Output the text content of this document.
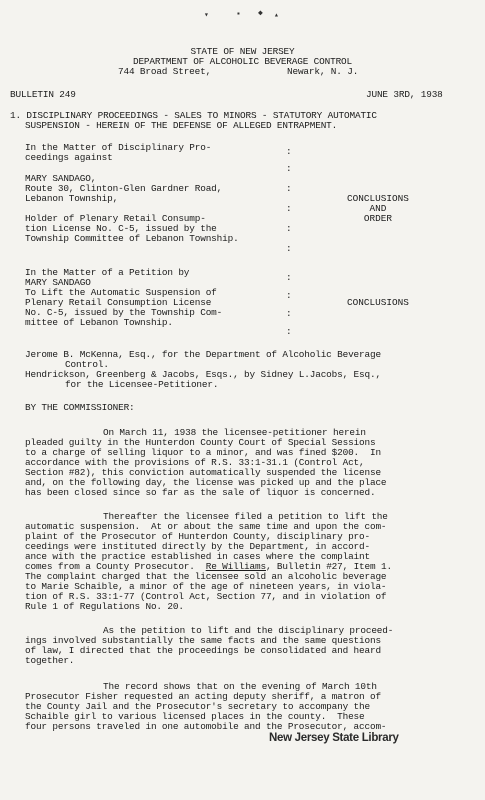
▾	▪ ◆ ▴
STATE OF NEW JERSEY
DEPARTMENT OF ALCOHOLIC BEVERAGE CONTROL
744 Broad Street,	Newark, N. J.
BULLETIN 249	JUNE 3RD, 1938
1. DISCIPLINARY PROCEEDINGS - SALES TO MINORS - STATUTORY AUTOMATIC
SUSPENSION - HEREIN OF THE DEFENSE OF ALLEGED ENTRAPMENT.
In the Matter of Disciplinary Pro-
ceedings against
MARY SANDAGO,
Route 30, Clinton-Glen Gardner Road,
Lebanon Township,
Holder of Plenary Retail Consump-
tion License No. C-5, issued by the
Township Committee of Lebanon Township.
:
:
:
:
:
:
CONCLUSIONS
AND
ORDER
In the Matter of a Petition by
MARY SANDAGO
To Lift the Automatic Suspension of
Plenary Retail Consumption License
No. C-5, issued by the Township Com-
mittee of Lebanon Township.
:
:
:
:
CONCLUSIONS
Jerome B. McKenna, Esq., for the Department of Alcoholic Beverage
Control.
Hendrickson, Greenberg & Jacobs, Esqs., by Sidney L.Jacobs, Esq.,
for the Licensee-Petitioner.
BY THE COMMISSIONER:
On March 11, 1938 the licensee-petitioner herein
pleaded guilty in the Hunterdon County Court of Special Sessions
to a charge of selling liquor to a minor, and was fined $200.  In
accordance with the provisions of R.S. 33:1-31.1 (Control Act,
Section #82), this conviction automatically suspended the license
and, on the following day, the license was picked up and the place
has been closed since so far as the sale of liquor is concerned.
Thereafter the licensee filed a petition to lift the
automatic suspension.  At or about the same time and upon the com-
plaint of the Prosecutor of Hunterdon County, disciplinary pro-
ceedings were instituted directly by the Department, in accord-
ance with the practice established in cases where the complaint
comes from a County Prosecutor.  Re Williams, Bulletin #27, Item 1.
The complaint charged that the licensee sold an alcoholic beverage
to Marie Schaible, a minor of the age of nineteen years, in viola-
tion of R.S. 33:1-77 (Control Act, Section 77, and in violation of
Rule 1 of Regulations No. 20.
As the petition to lift and the disciplinary proceed-
ings involved substantially the same facts and the same questions
of law, I directed that the proceedings be consolidated and heard
together.
The record shows that on the evening of March 10th
Prosecutor Fisher requested an acting deputy sheriff, a matron of
the County Jail and the Prosecutor's secretary to accompany the
Schaible girl to various licensed places in the county.  These
four persons traveled in one automobile and the Prosecutor, accom-
New Jersey State Library
